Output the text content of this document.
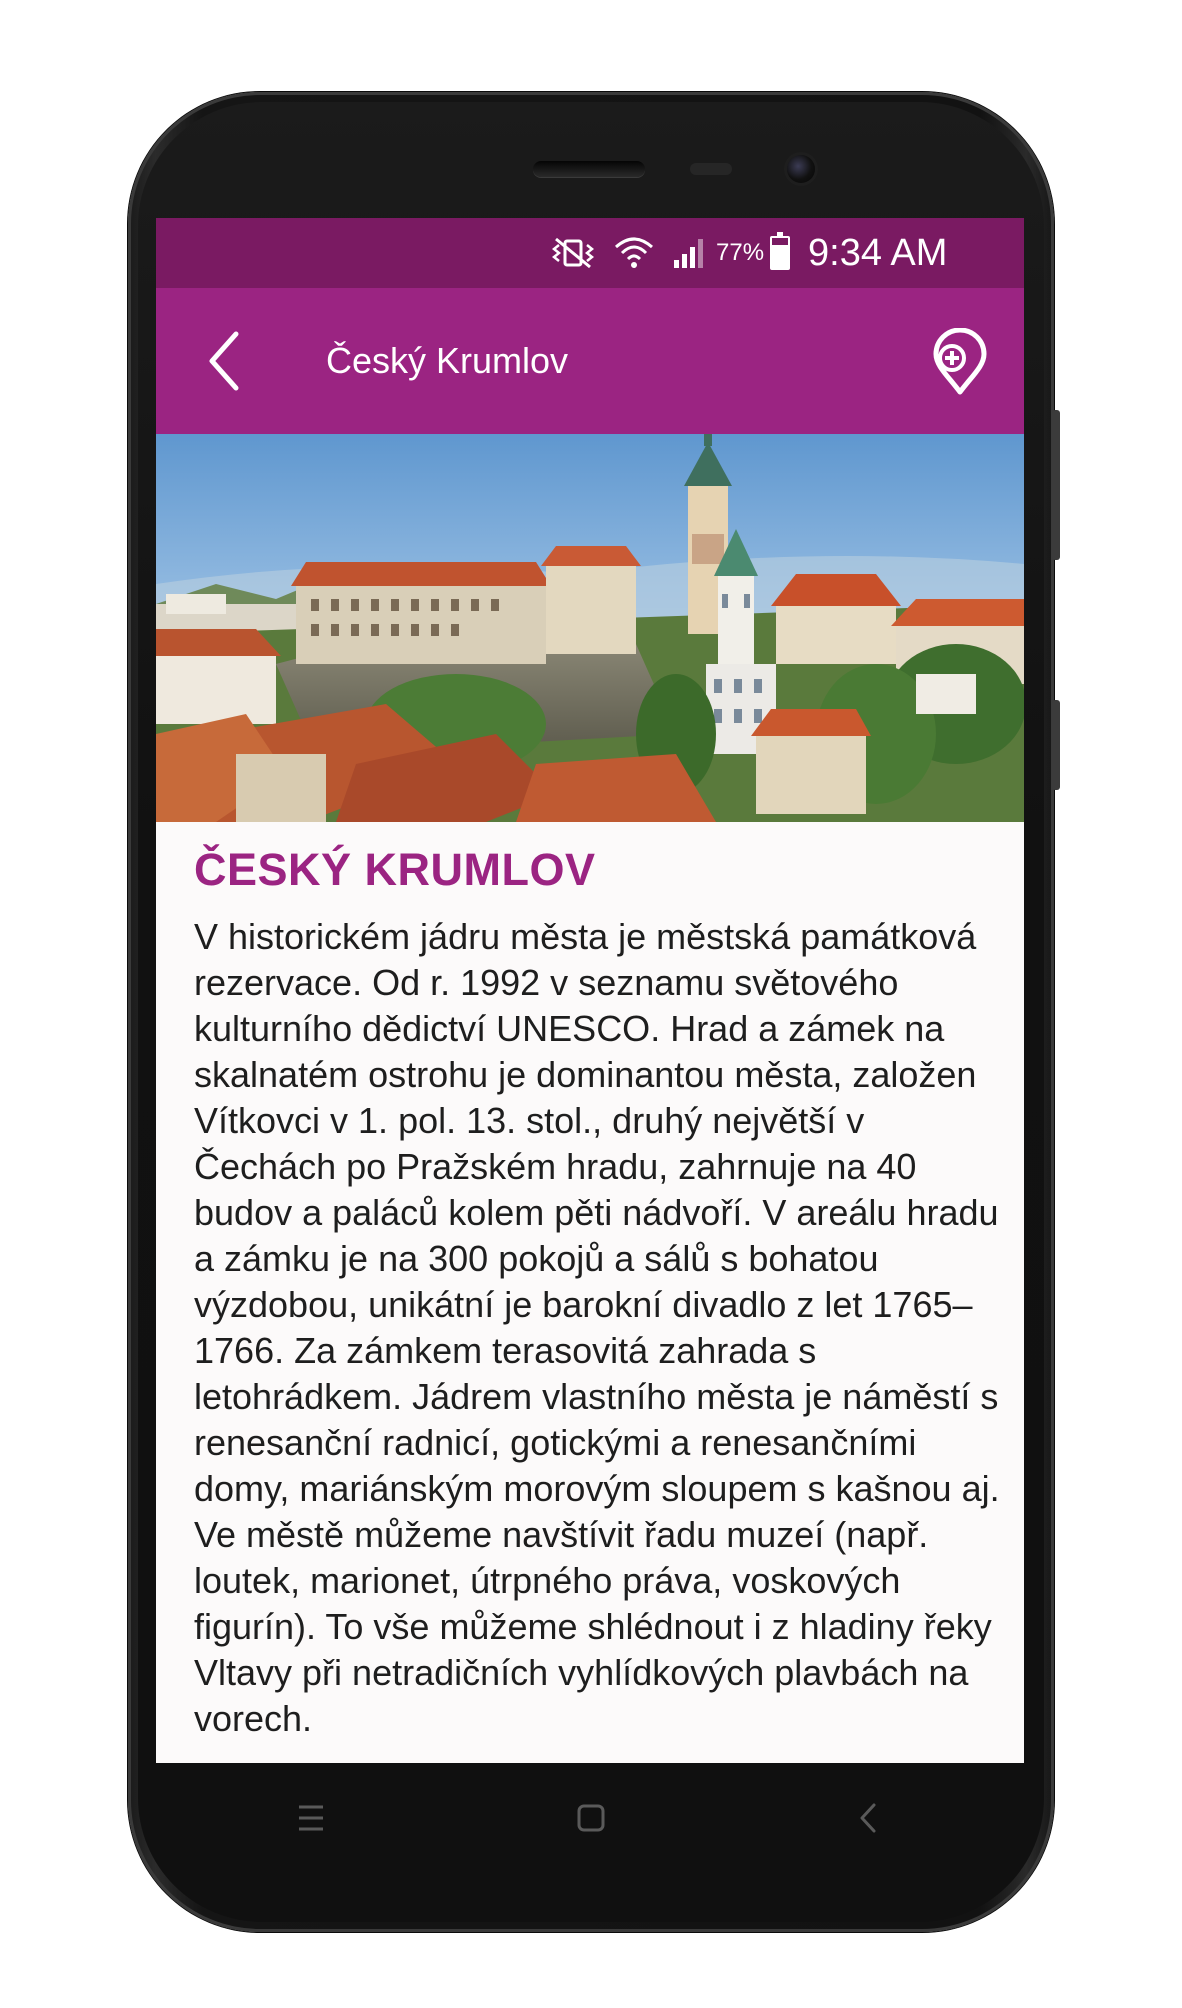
77% 9:34 AM
Český Krumlov
ČESKÝ KRUMLOV

V historickém jádru města je městská památková rezervace. Od r. 1992 v seznamu světového kulturního dědictví UNESCO. Hrad a zámek na skalnatém ostrohu je dominantou města, založen Vítkovci v 1. pol. 13. stol., druhý největší v Čechách po Pražském hradu, zahrnuje na 40 budov a paláců kolem pěti nádvoří. V areálu hradu a zámku je na 300 pokojů a sálů s bohatou výzdobou, unikátní je barokní divadlo z let 1765–1766. Za zámkem terasovitá zahrada s letohrádkem. Jádrem vlastního města je náměstí s renesanční radnicí, gotickými a renesančními domy, mariánským morovým sloupem s kašnou aj. Ve městě můžeme navštívit řadu muzeí (např. loutek, marionet, útrpného práva, voskových figurín). To vše můžeme shlédnout i z hladiny řeky Vltavy při netradičních vyhlídkových plavbách na vorech.
